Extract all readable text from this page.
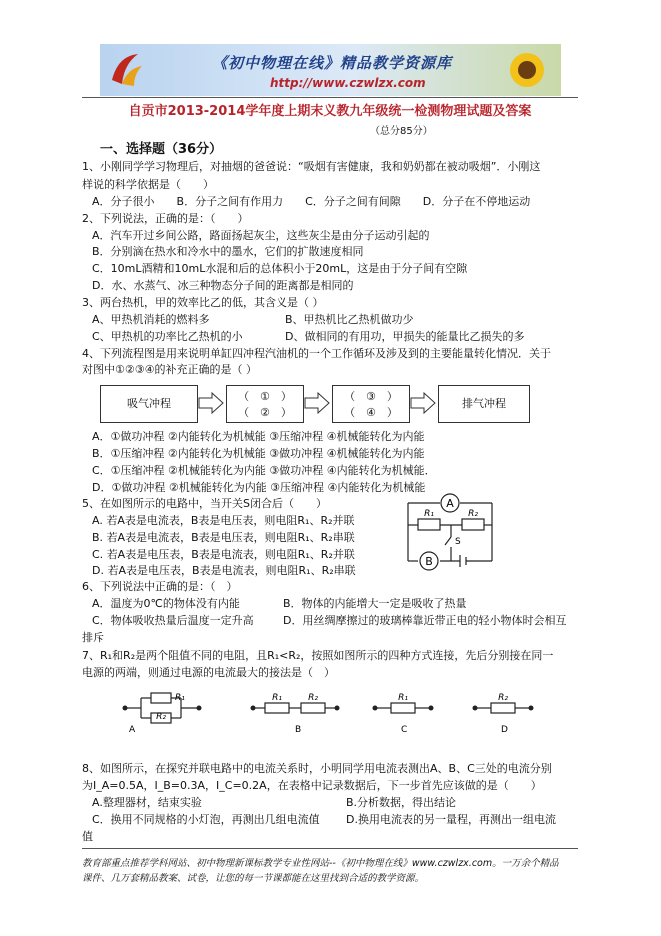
《初中物理在线》精品教学资源库
http://www.czwlzx.com
自贡市2013-2014学年度上期末义教九年级统一检测物理试题及答案
（总分85分）
一、选择题（36分）
1、小刚同学学习物理后，对抽烟的爸爸说：“吸烟有害健康，我和奶奶都在被动吸烟”．小刚这
样说的科学依据是（　　）
A．分子很小　　B．分子之间有作用力　　C．分子之间有间隙　　D．分子在不停地运动
2、下列说法，正确的是：（　　）
A．汽车开过乡间公路，路面扬起灰尘，这些灰尘是由分子运动引起的
B．分别滴在热水和冷水中的墨水，它们的扩散速度相同
C．10mL酒精和10mL水混和后的总体积小于20mL，这是由于分子间有空隙
D．水、水蒸气、冰三种物态分子间的距离都是相同的
3、两台热机，甲的效率比乙的低，其含义是（ ）
A、甲热机消耗的燃料多	B、甲热机比乙热机做功少
C、甲热机的功率比乙热机的小	D、做相同的有用功，甲损失的能量比乙损失的多
4、下列流程图是用来说明单缸四冲程汽油机的一个工作循环及涉及到的主要能量转化情况．关于
对图中①②③④的补充正确的是（ ）
吸气冲程
（　①　）
（　②　）
（　③　）
（　④　）
排气冲程
A．①做功冲程 ②内能转化为机械能 ③压缩冲程 ④机械能转化为内能
B．①压缩冲程 ②内能转化为机械能 ③做功冲程 ④机械能转化为内能
C．①压缩冲程 ②机械能转化为内能 ③做功冲程 ④内能转化为机械能．
D．①做功冲程 ②机械能转化为内能 ③压缩冲程 ④内能转化为机械能
5、在如图所示的电路中，当开关S闭合后（　　）
A. 若A表是电流表，B表是电压表，则电阻R₁、R₂并联
B. 若A表是电流表，B表是电压表，则电阻R₁、R₂串联
C. 若A表是电压表，B表是电流表，则电阻R₁、R₂并联
D. 若A表是电压表，B表是电流表，则电阻R₁、R₂串联
A
B
R₁	R₂
S
6、下列说法中正确的是：（　）
A．温度为0℃的物体没有内能	B．物体的内能增大一定是吸收了热量
C．物体吸收热量后温度一定升高	D．用丝绸摩擦过的玻璃棒靠近带正电的轻小物体时会相互
排斥
7、R₁和R₂是两个阻值不同的电阻，且R₁<R₂，按照如图所示的四种方式连接，先后分别接在同一
电源的两端，则通过电源的电流最大的接法是（　）
R₂
R₁	R₁	R₂	R₁	R₂
A	B	C	D
8、如图所示，在探究并联电路中的电流关系时，小明同学用电流表测出A、B、C三处的电流分别
为I_A=0.5A，I_B=0.3A，I_C=0.2A，在表格中记录数据后，下一步首先应该做的是（　　）
A.整理器材，结束实验	B.分析数据，得出结论
C．换用不同规格的小灯泡，再测出几组电流值 D.换用电流表的另一量程，再测出一组电流
值
教育部重点推荐学科网站、初中物理新课标教学专业性网站--《初中物理在线》www.czwlzx.com。一万余个精品
课件、几万套精品教案、试卷，让您的每一节课都能在这里找到合适的教学资源。
